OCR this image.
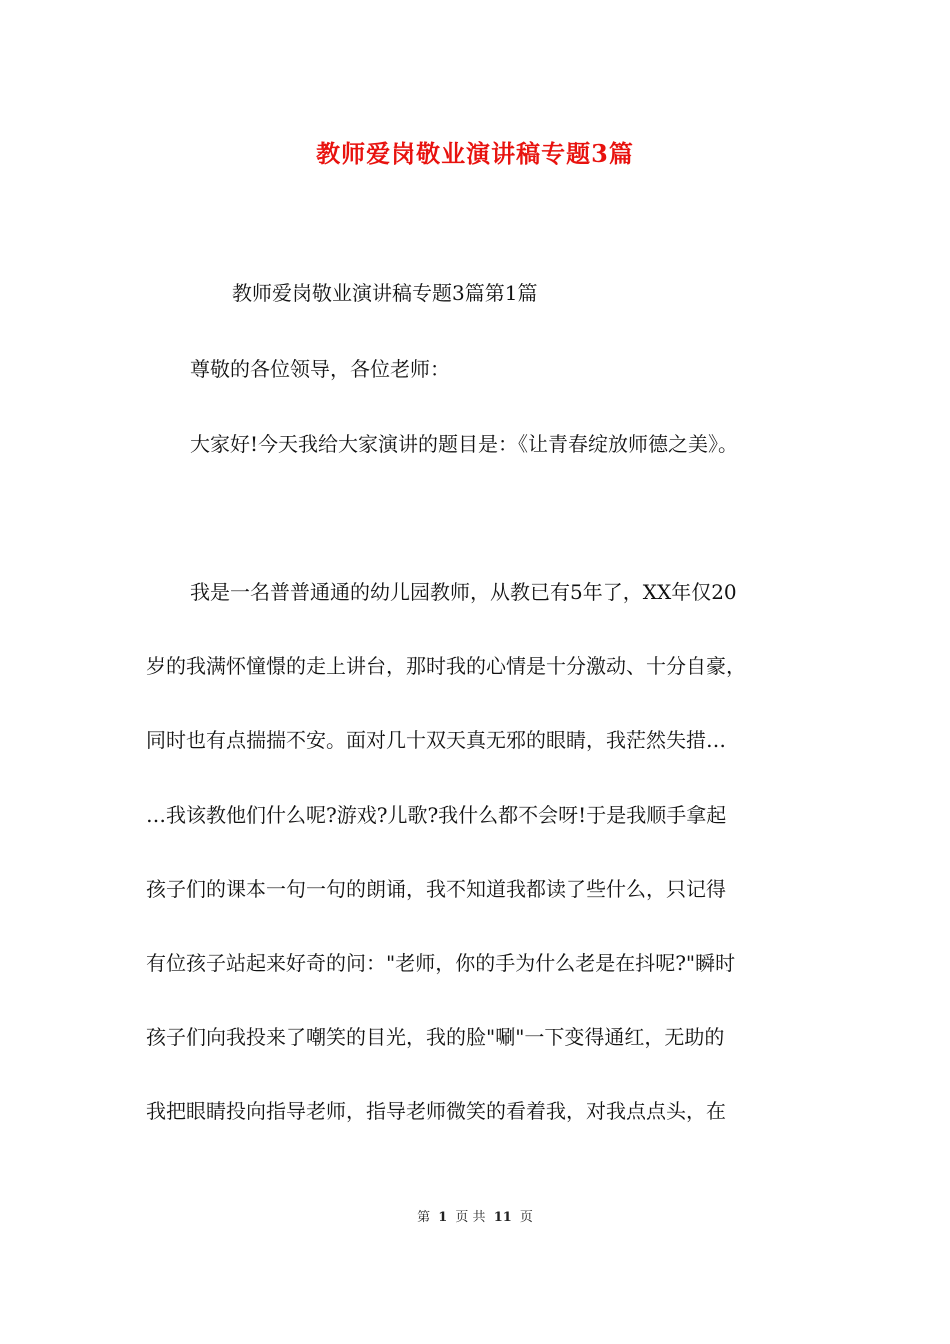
教师爱岗敬业演讲稿专题3篇
教师爱岗敬业演讲稿专题3篇第1篇
尊敬的各位领导，各位老师：
大家好!今天我给大家演讲的题目是：《让青春绽放师德之美》。
我是一名普普通通的幼儿园教师，从教已有5年了，XX年仅20
岁的我满怀憧憬的走上讲台，那时我的心情是十分激动、十分自豪，
同时也有点揣揣不安。面对几十双天真无邪的眼睛，我茫然失措…
…我该教他们什么呢?游戏?儿歌?我什么都不会呀!于是我顺手拿起
孩子们的课本一句一句的朗诵，我不知道我都读了些什么，只记得
有位孩子站起来好奇的问："老师，你的手为什么老是在抖呢?"瞬时
孩子们向我投来了嘲笑的目光，我的脸"唰"一下变得通红，无助的
我把眼睛投向指导老师，指导老师微笑的看着我，对我点点头，在
第 1 页 共 11 页
